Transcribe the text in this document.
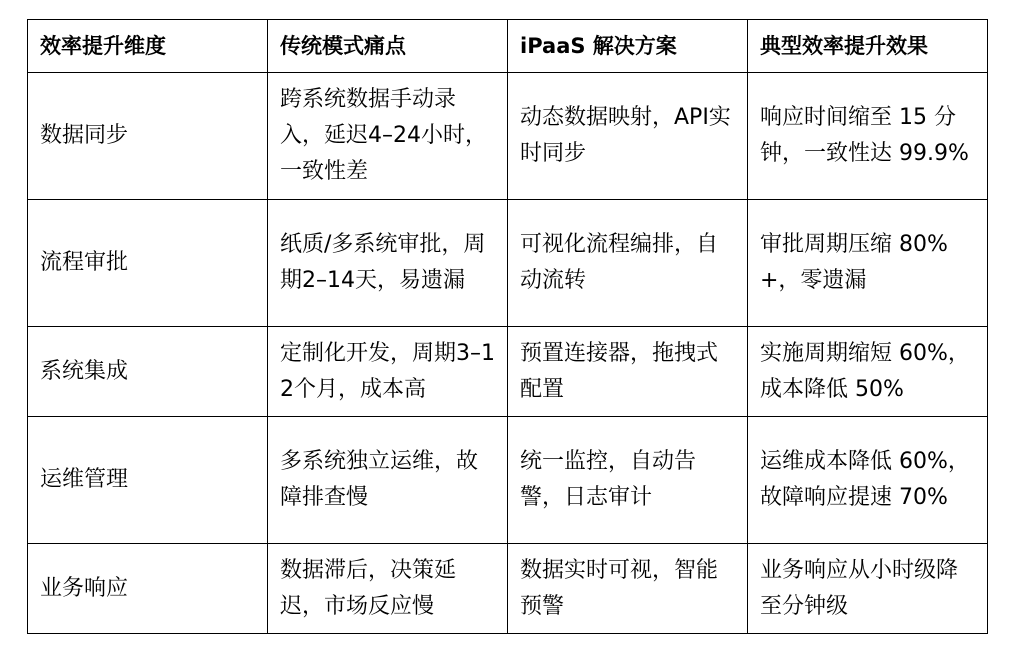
效率提升维度	传统模式痛点	iPaaS 解决方案	典型效率提升效果
数据同步	跨系统数据手动录入，延迟4–24小时，一致性差	动态数据映射，API实时同步	响应时间缩至 15 分钟，一致性达 99.9%
流程审批	纸质/多系统审批，周期2–14天，易遗漏	可视化流程编排，自动流转	审批周期压缩 80%+，零遗漏
系统集成	定制化开发，周期3–12个月，成本高	预置连接器，拖拽式配置	实施周期缩短 60%，成本降低 50%
运维管理	多系统独立运维，故障排查慢	统一监控，自动告警，日志审计	运维成本降低 60%，故障响应提速 70%
业务响应	数据滞后，决策延迟，市场反应慢	数据实时可视，智能预警	业务响应从小时级降至分钟级
